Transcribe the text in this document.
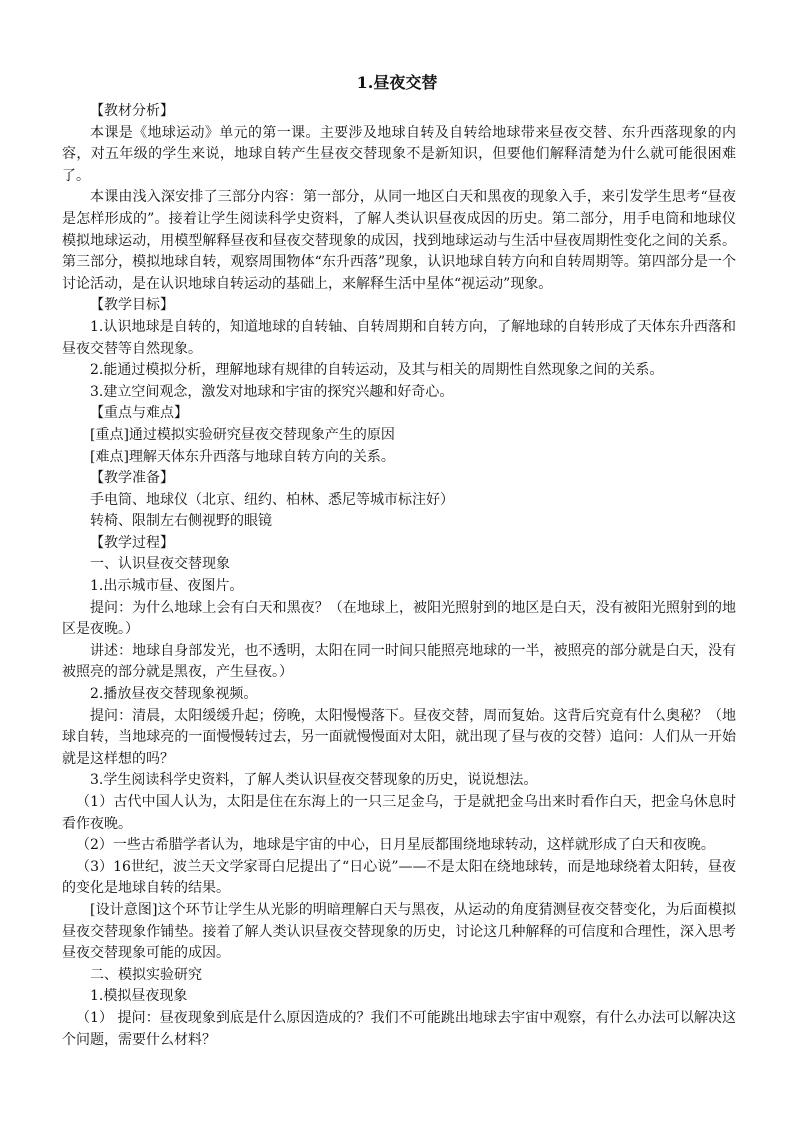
1.昼夜交替

【教材分析】

本课是《地球运动》单元的第一课。主要涉及地球自转及自转给地球带来昼夜交替、东升西落现象的内容，对五年级的学生来说，地球自转产生昼夜交替现象不是新知识，但要他们解释清楚为什么就可能很困难了。

本课由浅入深安排了三部分内容：第一部分，从同一地区白天和黑夜的现象入手，来引发学生思考“昼夜是怎样形成的”。接着让学生阅读科学史资料，了解人类认识昼夜成因的历史。第二部分，用手电筒和地球仪模拟地球运动，用模型解释昼夜和昼夜交替现象的成因，找到地球运动与生活中昼夜周期性变化之间的关系。第三部分，模拟地球自转，观察周围物体“东升西落”现象，认识地球自转方向和自转周期等。第四部分是一个讨论活动，是在认识地球自转运动的基础上，来解释生活中星体“视运动”现象。

【教学目标】

1.认识地球是自转的，知道地球的自转轴、自转周期和自转方向，了解地球的自转形成了天体东升西落和昼夜交替等自然现象。

2.能通过模拟分析，理解地球有规律的自转运动，及其与相关的周期性自然现象之间的关系。

3.建立空间观念，激发对地球和宇宙的探究兴趣和好奇心。

【重点与难点】

[重点]通过模拟实验研究昼夜交替现象产生的原因

[难点]理解天体东升西落与地球自转方向的关系。

【教学准备】

手电筒、地球仪（北京、纽约、柏林、悉尼等城市标注好）

转椅、限制左右侧视野的眼镜

【教学过程】

一、认识昼夜交替现象

1.出示城市昼、夜图片。

提问：为什么地球上会有白天和黑夜？（在地球上，被阳光照射到的地区是白天，没有被阳光照射到的地区是夜晚。）

讲述：地球自身部发光，也不透明，太阳在同一时间只能照亮地球的一半，被照亮的部分就是白天，没有被照亮的部分就是黑夜，产生昼夜。）

2.播放昼夜交替现象视频。

提问：清晨，太阳缓缓升起；傍晚，太阳慢慢落下。昼夜交替，周而复始。这背后究竟有什么奥秘？（地球自转，当地球亮的一面慢慢转过去，另一面就慢慢面对太阳，就出现了昼与夜的交替）追问：人们从一开始就是这样想的吗？

3.学生阅读科学史资料，了解人类认识昼夜交替现象的历史，说说想法。

（1）古代中国人认为，太阳是住在东海上的一只三足金乌，于是就把金乌出来时看作白天，把金乌休息时看作夜晚。

（2）一些古希腊学者认为，地球是宇宙的中心，日月星辰都围绕地球转动，这样就形成了白天和夜晚。

（3）16世纪，波兰天文学家哥白尼提出了“日心说”——不是太阳在绕地球转，而是地球绕着太阳转，昼夜的变化是地球自转的结果。

[设计意图]这个环节让学生从光影的明暗理解白天与黑夜，从运动的角度猜测昼夜交替变化，为后面模拟昼夜交替现象作铺垫。接着了解人类认识昼夜交替现象的历史，讨论这几种解释的可信度和合理性，深入思考昼夜交替现象可能的成因。

二、模拟实验研究

1.模拟昼夜现象

（1） 提问：昼夜现象到底是什么原因造成的？我们不可能跳出地球去宇宙中观察，有什么办法可以解决这个问题，需要什么材料？
